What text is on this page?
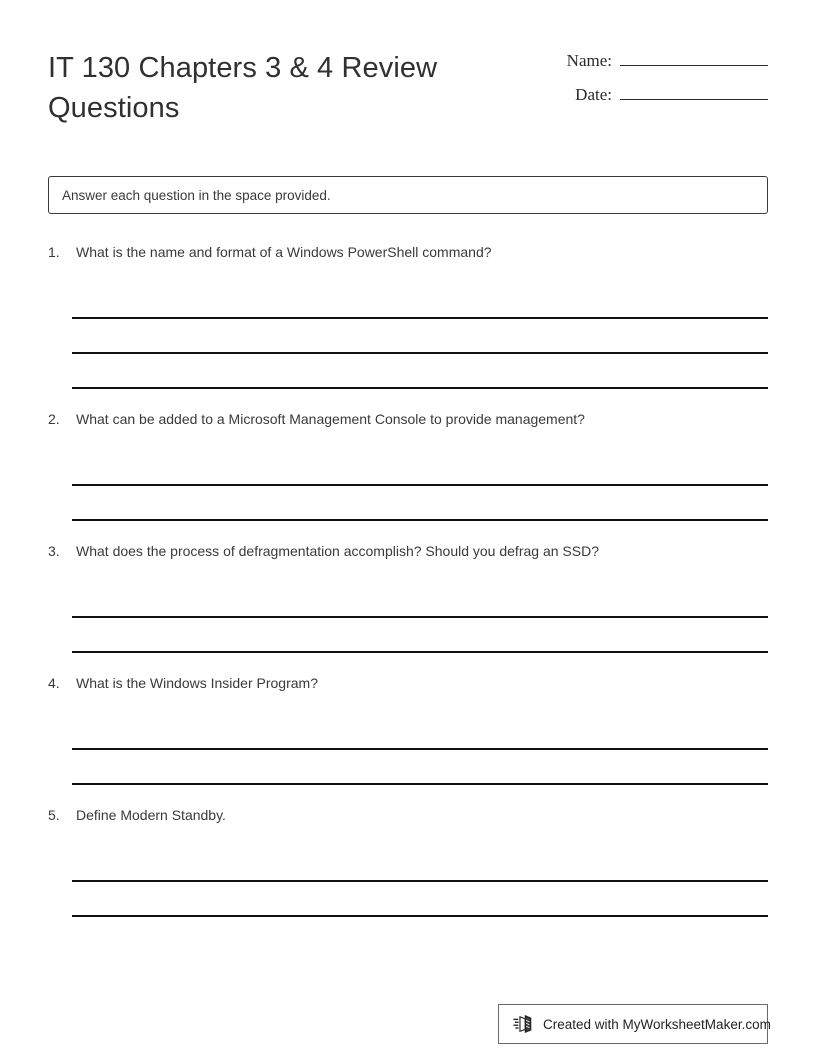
IT 130 Chapters 3 & 4 Review Questions
Name:
Date:
Answer each question in the space provided.
1.	What is the name and format of a Windows PowerShell command?
2.	What can be added to a Microsoft Management Console to provide management?
3.	What does the process of defragmentation accomplish? Should you defrag an SSD?
4.	What is the Windows Insider Program?
5.	Define Modern Standby.
Created with MyWorksheetMaker.com
